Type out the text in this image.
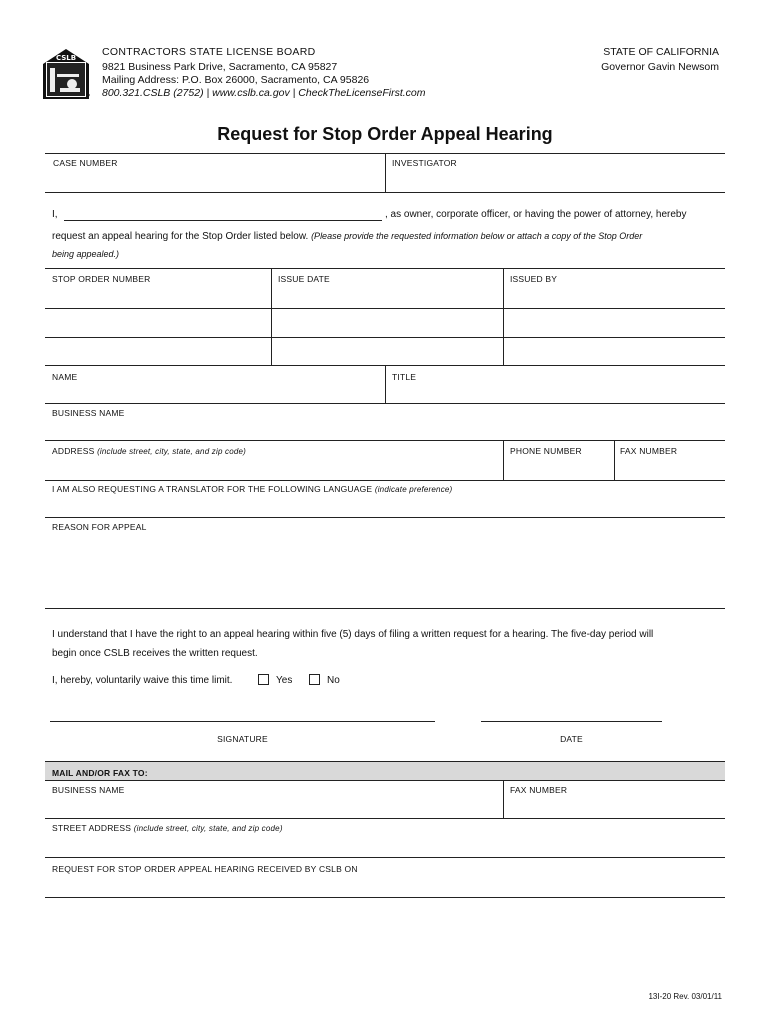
CSLB
●
CONTRACTORS STATE LICENSE BOARD
9821 Business Park Drive, Sacramento, CA 95827
Mailing Address: P.O. Box 26000, Sacramento, CA 95826
800.321.CSLB (2752) | www.cslb.ca.gov | CheckTheLicenseFirst.com
STATE OF CALIFORNIA
Governor Gavin Newsom
Request for Stop Order Appeal Hearing
CASE NUMBER	INVESTIGATOR
I,	, as owner, corporate officer, or having the power of attorney, hereby
request an appeal hearing for the Stop Order listed below. (Please provide the requested information below or attach a copy of the Stop Order
being appealed.)
STOP ORDER NUMBER	ISSUE DATE	ISSUED BY
NAME	TITLE
BUSINESS NAME
ADDRESS (include street, city, state, and zip code)	PHONE NUMBER	FAX NUMBER
I AM ALSO REQUESTING A TRANSLATOR FOR THE FOLLOWING LANGUAGE (indicate preference)
REASON FOR APPEAL
I understand that I have the right to an appeal hearing within five (5) days of filing a written request for a hearing. The five-day period will
begin once CSLB receives the written request.
I, hereby, voluntarily waive this time limit.	Yes	No
SIGNATURE	DATE
MAIL AND/OR FAX TO:
BUSINESS NAME	FAX NUMBER
STREET ADDRESS (include street, city, state, and zip code)
REQUEST FOR STOP ORDER APPEAL HEARING RECEIVED BY CSLB ON
13I-20 Rev. 03/01/11
